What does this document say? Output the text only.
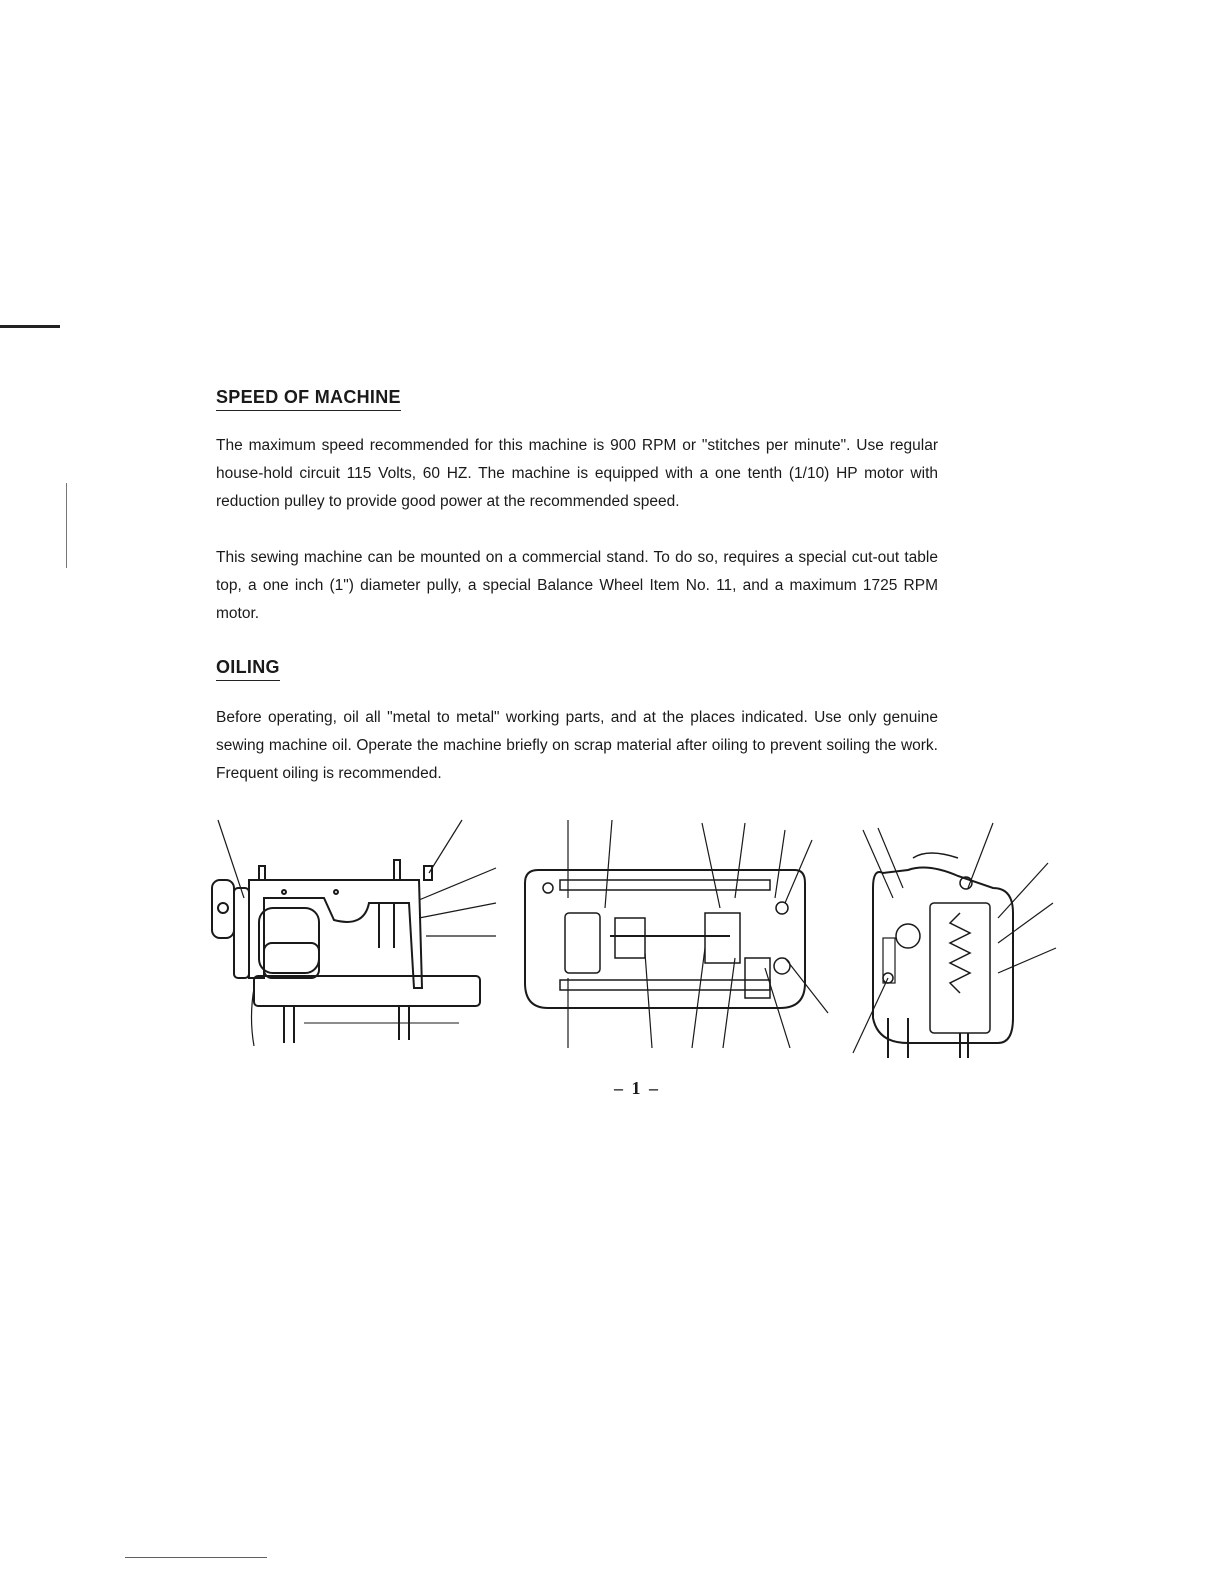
SPEED OF MACHINE

The maximum speed recommended for this machine is 900 RPM or "stitches per minute". Use regular house-hold circuit 115 Volts, 60 HZ. The machine is equipped with a one tenth (1/10) HP motor with reduction pulley to provide good power at the recommended speed.

This sewing machine can be mounted on a commercial stand. To do so, requires a special cut-out table top, a one inch (1") diameter pully, a special Balance Wheel Item No. 11, and a maximum 1725 RPM motor.

OILING

Before operating, oil all "metal to metal" working parts, and at the places indicated. Use only genuine sewing machine oil. Operate the machine briefly on scrap material after oiling to prevent soiling the work. Frequent oiling is recommended.

– 1 –
